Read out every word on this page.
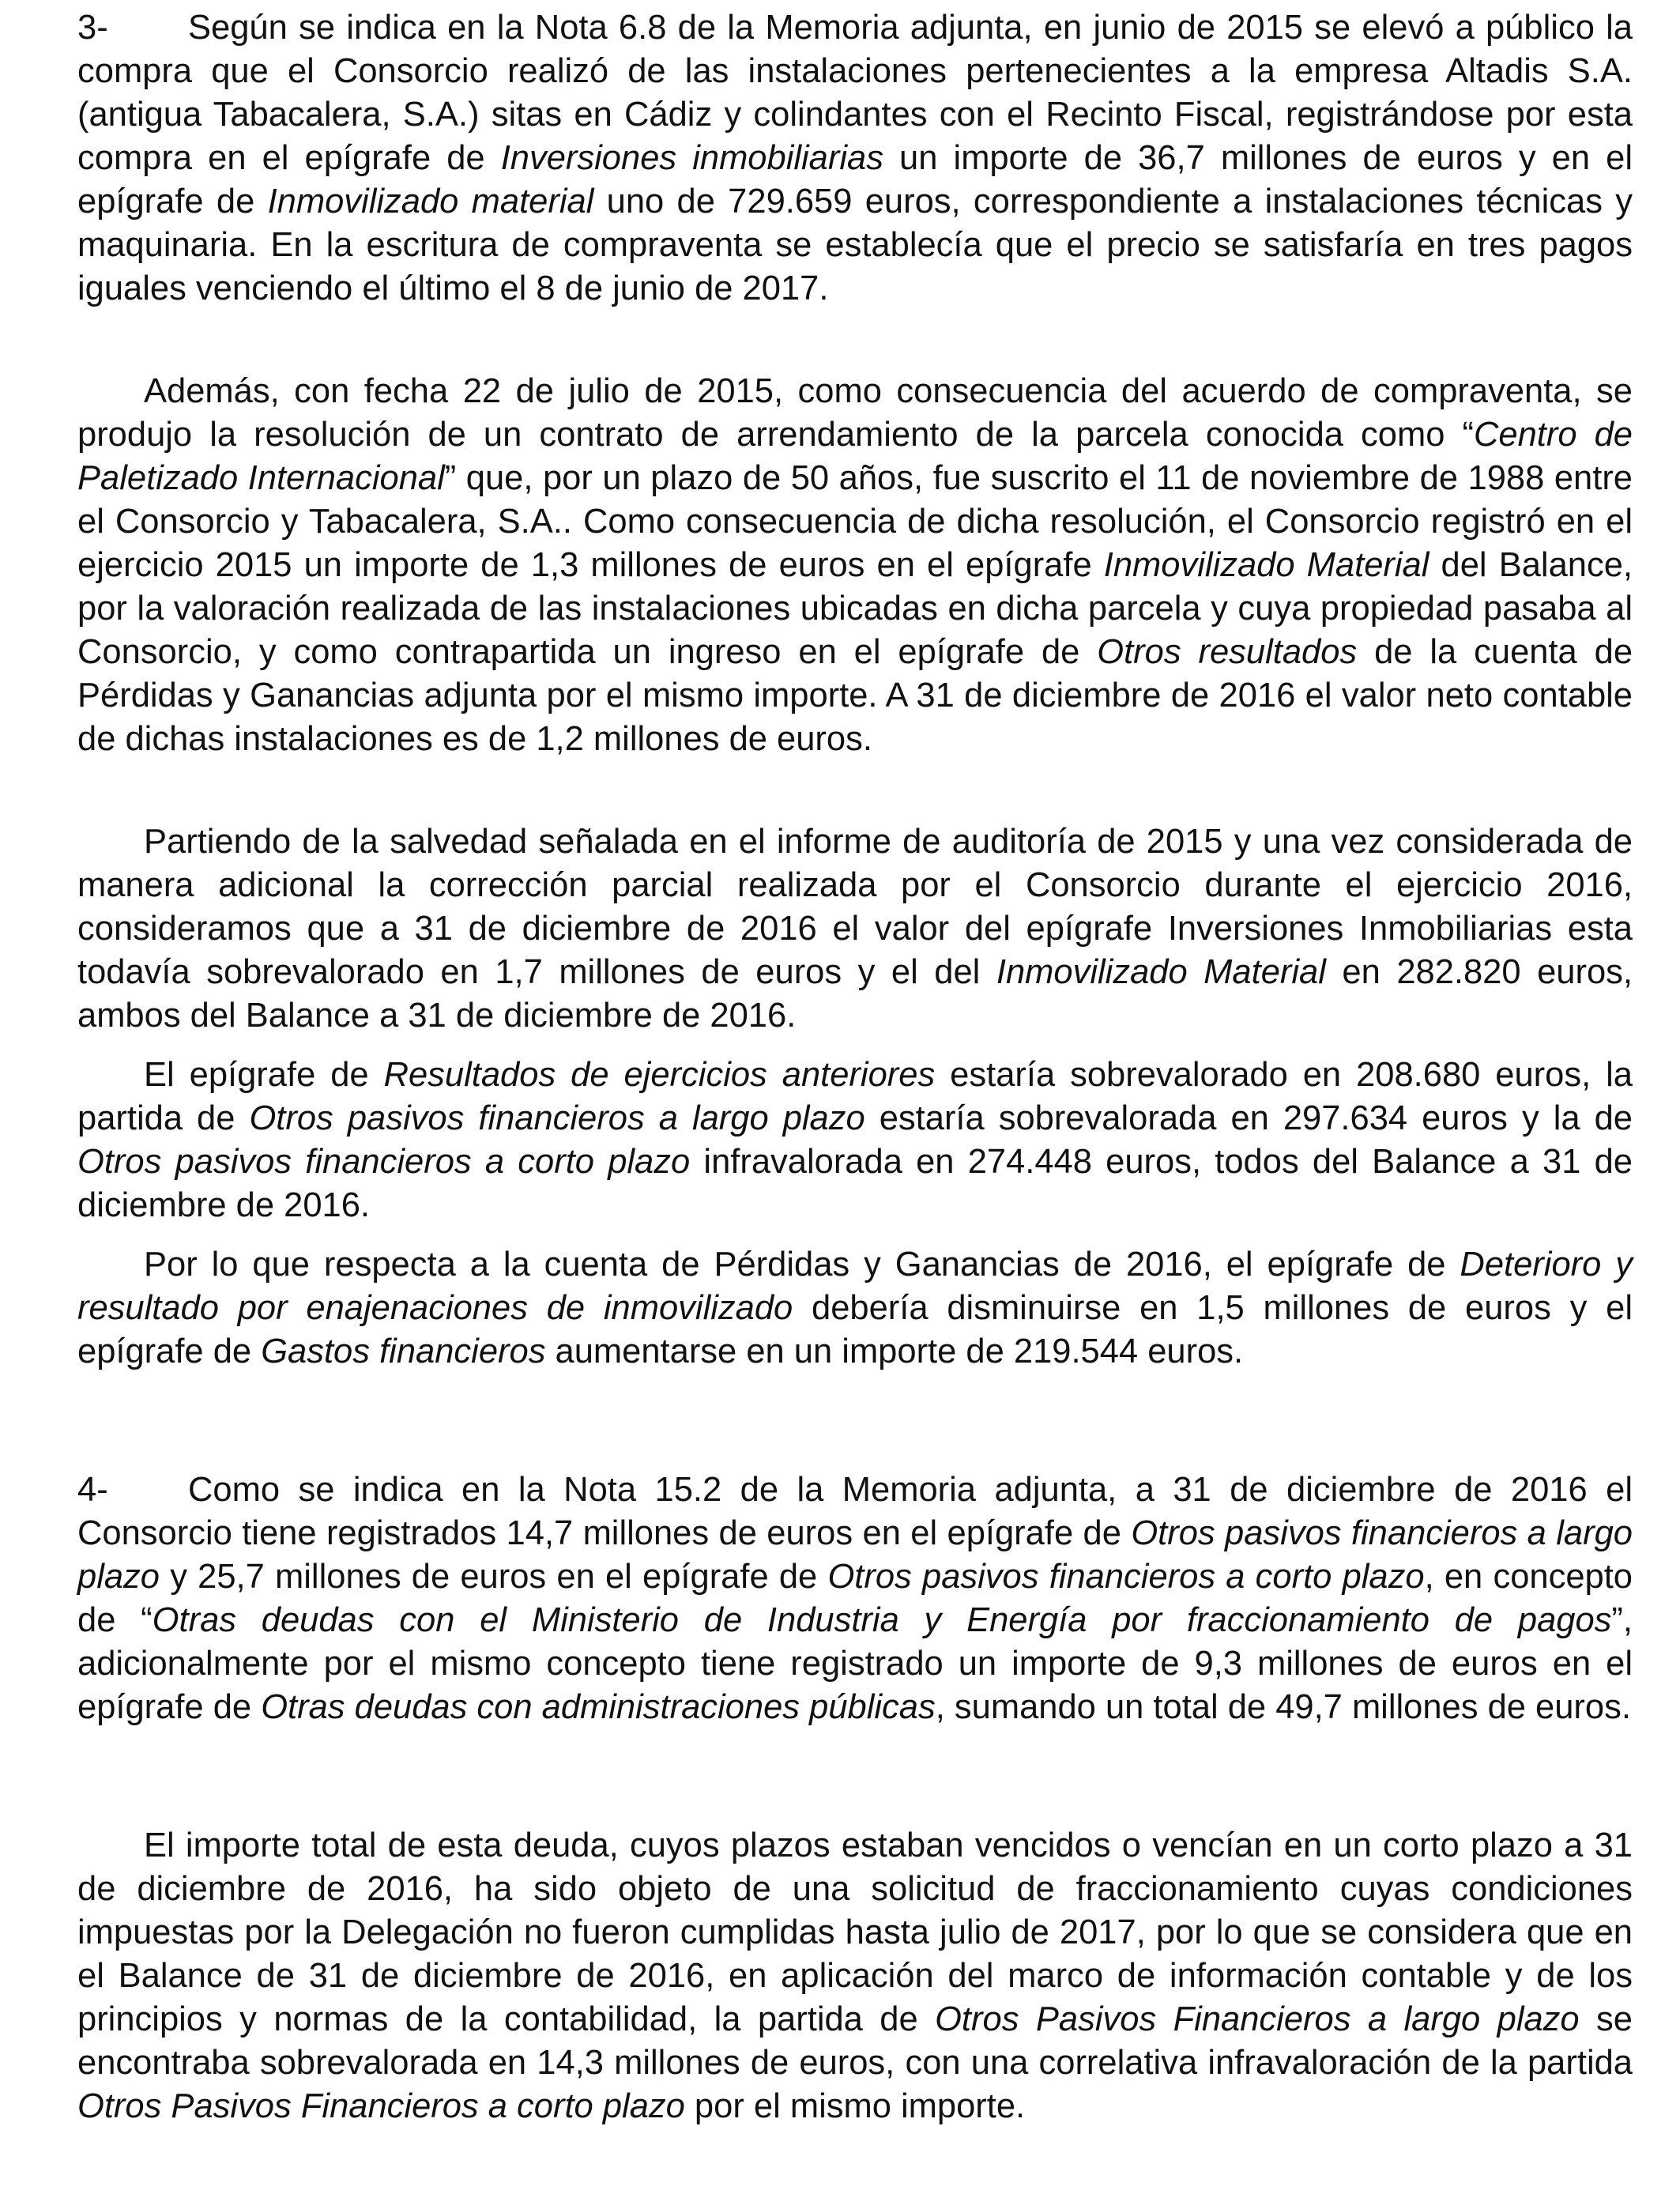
3- Según se indica en la Nota 6.8 de la Memoria adjunta, en junio de 2015 se elevó a público la compra que el Consorcio realizó de las instalaciones pertenecientes a la empresa Altadis S.A. (antigua Tabacalera, S.A.) sitas en Cádiz y colindantes con el Recinto Fiscal, registrándose por esta compra en el epígrafe de Inversiones inmobiliarias un importe de 36,7 millones de euros y en el epígrafe de Inmovilizado material uno de 729.659 euros, correspondiente a instalaciones técnicas y maquinaria. En la escritura de compraventa se establecía que el precio se satisfaría en tres pagos iguales venciendo el último el 8 de junio de 2017.

Además, con fecha 22 de julio de 2015, como consecuencia del acuerdo de compraventa, se produjo la resolución de un contrato de arrendamiento de la parcela conocida como “Centro de Paletizado Internacional” que, por un plazo de 50 años, fue suscrito el 11 de noviembre de 1988 entre el Consorcio y Tabacalera, S.A.. Como consecuencia de dicha resolución, el Consorcio registró en el ejercicio 2015 un importe de 1,3 millones de euros en el epígrafe Inmovilizado Material del Balance, por la valoración realizada de las instalaciones ubicadas en dicha parcela y cuya propiedad pasaba al Consorcio, y como contrapartida un ingreso en el epígrafe de Otros resultados de la cuenta de Pérdidas y Ganancias adjunta por el mismo importe. A 31 de diciembre de 2016 el valor neto contable de dichas instalaciones es de 1,2 millones de euros.

Partiendo de la salvedad señalada en el informe de auditoría de 2015 y una vez considerada de manera adicional la corrección parcial realizada por el Consorcio durante el ejercicio 2016, consideramos que a 31 de diciembre de 2016 el valor del epígrafe Inversiones Inmobiliarias esta todavía sobrevalorado en 1,7 millones de euros y el del Inmovilizado Material en 282.820 euros, ambos del Balance a 31 de diciembre de 2016.

El epígrafe de Resultados de ejercicios anteriores estaría sobrevalorado en 208.680 euros, la partida de Otros pasivos financieros a largo plazo estaría sobrevalorada en 297.634 euros y la de Otros pasivos financieros a corto plazo infravalorada en 274.448 euros, todos del Balance a 31 de diciembre de 2016.

Por lo que respecta a la cuenta de Pérdidas y Ganancias de 2016, el epígrafe de Deterioro y resultado por enajenaciones de inmovilizado debería disminuirse en 1,5 millones de euros y el epígrafe de Gastos financieros aumentarse en un importe de 219.544 euros.

4- Como se indica en la Nota 15.2 de la Memoria adjunta, a 31 de diciembre de 2016 el Consorcio tiene registrados 14,7 millones de euros en el epígrafe de Otros pasivos financieros a largo plazo y 25,7 millones de euros en el epígrafe de Otros pasivos financieros a corto plazo, en concepto de “Otras deudas con el Ministerio de Industria y Energía por fraccionamiento de pagos”, adicionalmente por el mismo concepto tiene registrado un importe de 9,3 millones de euros en el epígrafe de Otras deudas con administraciones públicas, sumando un total de 49,7 millones de euros.

El importe total de esta deuda, cuyos plazos estaban vencidos o vencían en un corto plazo a 31 de diciembre de 2016, ha sido objeto de una solicitud de fraccionamiento cuyas condiciones impuestas por la Delegación no fueron cumplidas hasta julio de 2017, por lo que se considera que en el Balance de 31 de diciembre de 2016, en aplicación del marco de información contable y de los principios y normas de la contabilidad, la partida de Otros Pasivos Financieros a largo plazo se encontraba sobrevalorada en 14,3 millones de euros, con una correlativa infravaloración de la partida Otros Pasivos Financieros a corto plazo por el mismo importe.
